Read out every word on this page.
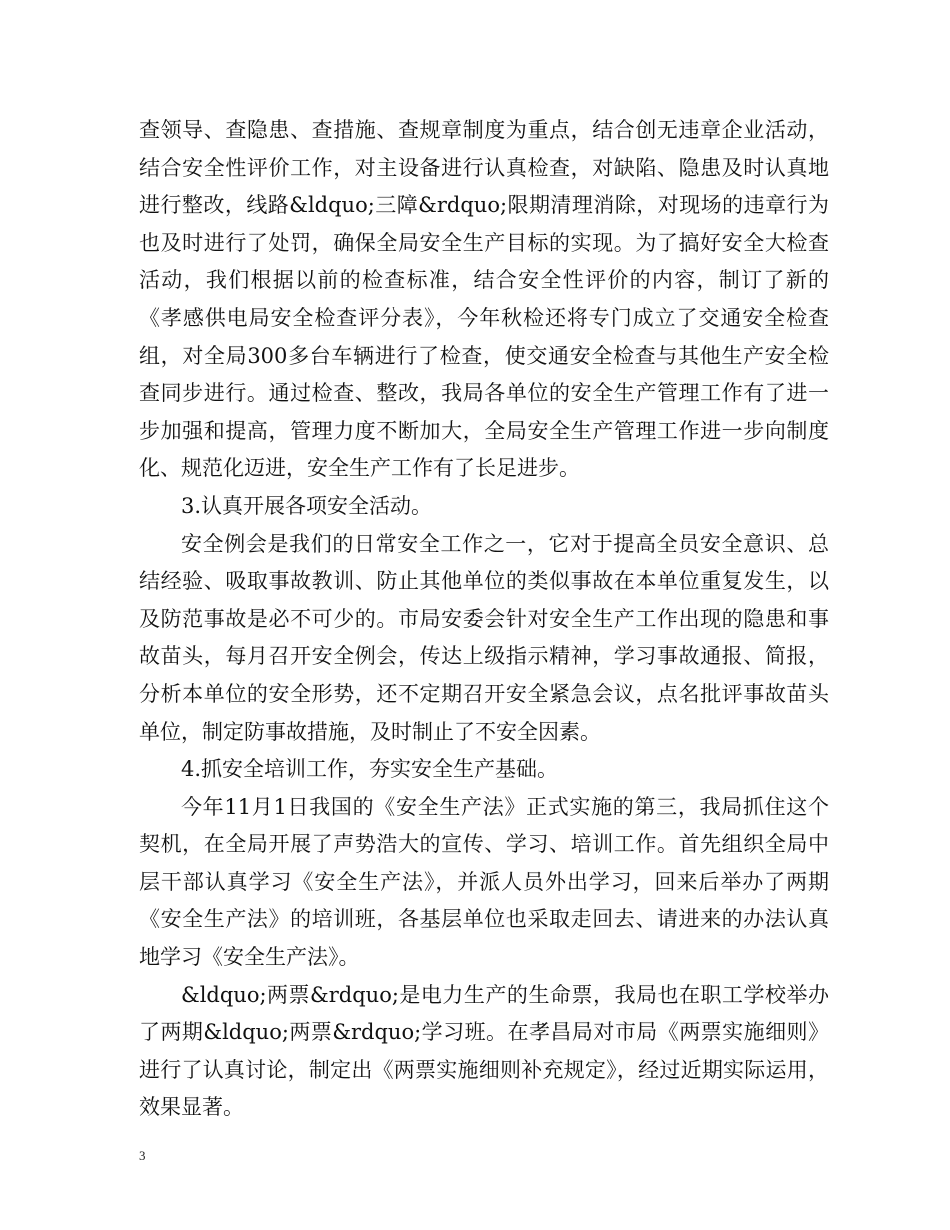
查领导、查隐患、查措施、查规章制度为重点，结合创无违章企业活动，结合安全性评价工作，对主设备进行认真检查，对缺陷、隐患及时认真地进行整改，线路&ldquo;三障&rdquo;限期清理消除，对现场的违章行为也及时进行了处罚，确保全局安全生产目标的实现。为了搞好安全大检查活动，我们根据以前的检查标准，结合安全性评价的内容，制订了新的《孝感供电局安全检查评分表》，今年秋检还将专门成立了交通安全检查组，对全局300多台车辆进行了检查，使交通安全检查与其他生产安全检查同步进行。通过检查、整改，我局各单位的安全生产管理工作有了进一步加强和提高，管理力度不断加大，全局安全生产管理工作进一步向制度化、规范化迈进，安全生产工作有了长足进步。

3.认真开展各项安全活动。

安全例会是我们的日常安全工作之一，它对于提高全员安全意识、总结经验、吸取事故教训、防止其他单位的类似事故在本单位重复发生，以及防范事故是必不可少的。市局安委会针对安全生产工作出现的隐患和事故苗头，每月召开安全例会，传达上级指示精神，学习事故通报、简报，分析本单位的安全形势，还不定期召开安全紧急会议，点名批评事故苗头单位，制定防事故措施，及时制止了不安全因素。

4.抓安全培训工作，夯实安全生产基础。

今年11月1日我国的《安全生产法》正式实施的第三，我局抓住这个契机，在全局开展了声势浩大的宣传、学习、培训工作。首先组织全局中层干部认真学习《安全生产法》，并派人员外出学习，回来后举办了两期《安全生产法》的培训班，各基层单位也采取走回去、请进来的办法认真地学习《安全生产法》。

&ldquo;两票&rdquo;是电力生产的生命票，我局也在职工学校举办了两期&ldquo;两票&rdquo;学习班。在孝昌局对市局《两票实施细则》进行了认真讨论，制定出《两票实施细则补充规定》，经过近期实际运用，效果显著。

3
